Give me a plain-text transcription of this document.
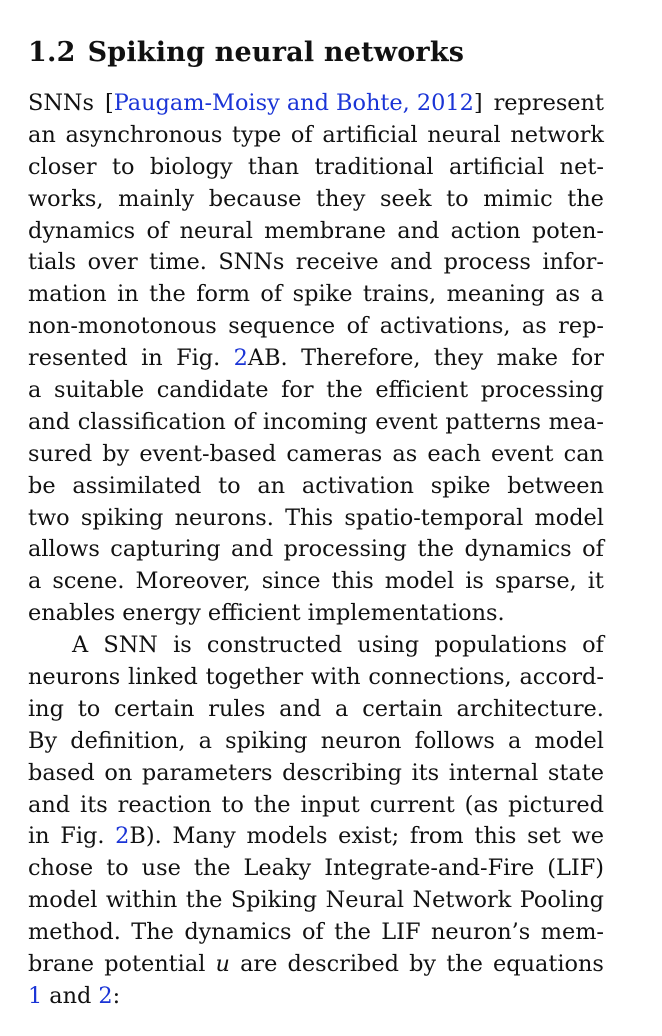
1.2 Spiking neural networks
SNNs [Paugam-Moisy and Bohte, 2012] represent
an asynchronous type of artificial neural network
closer to biology than traditional artificial net-
works, mainly because they seek to mimic the
dynamics of neural membrane and action poten-
tials over time. SNNs receive and process infor-
mation in the form of spike trains, meaning as a
non-monotonous sequence of activations, as rep-
resented in Fig. 2AB. Therefore, they make for
a suitable candidate for the efficient processing
and classification of incoming event patterns mea-
sured by event-based cameras as each event can
be assimilated to an activation spike between
two spiking neurons. This spatio-temporal model
allows capturing and processing the dynamics of
a scene. Moreover, since this model is sparse, it
enables energy efficient implementations.
A SNN is constructed using populations of
neurons linked together with connections, accord-
ing to certain rules and a certain architecture.
By definition, a spiking neuron follows a model
based on parameters describing its internal state
and its reaction to the input current (as pictured
in Fig. 2B). Many models exist; from this set we
chose to use the Leaky Integrate-and-Fire (LIF)
model within the Spiking Neural Network Pooling
method. The dynamics of the LIF neuron’s mem-
brane potential u are described by the equations
1 and 2:
